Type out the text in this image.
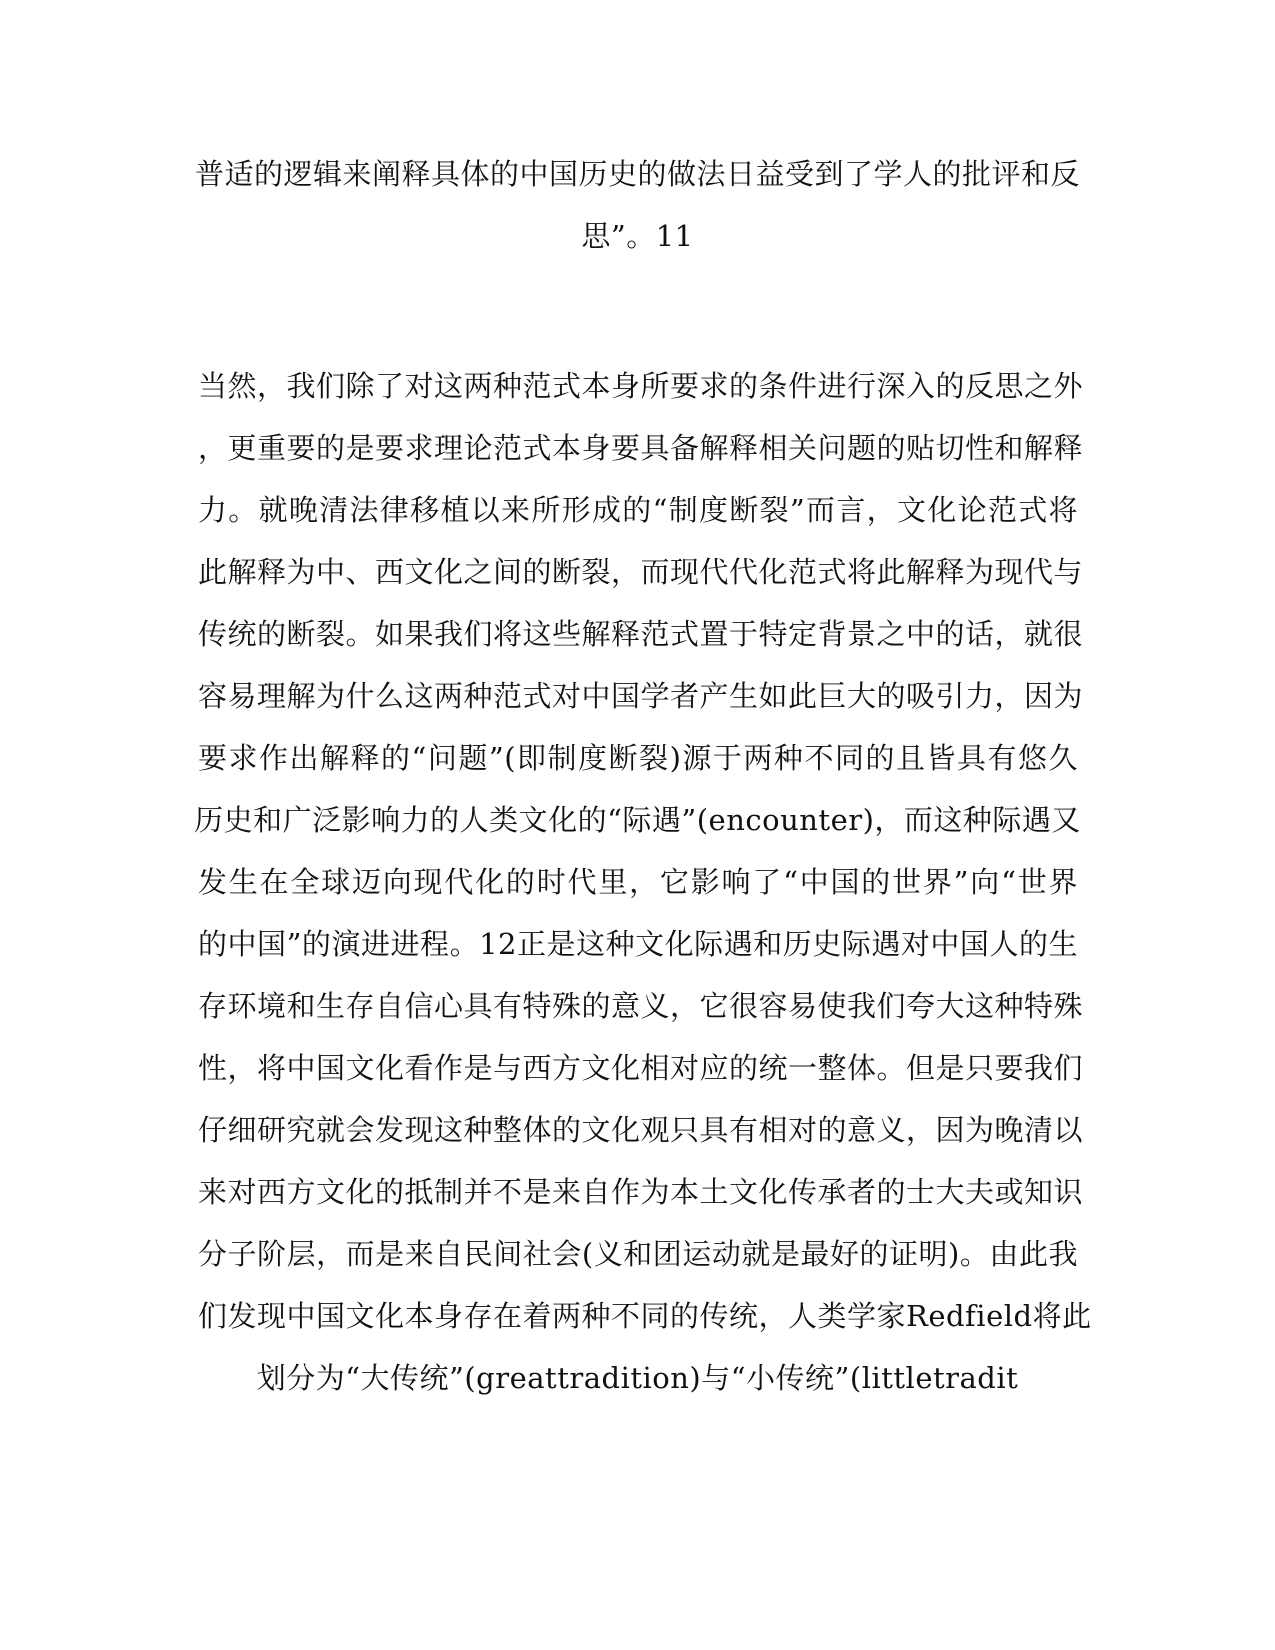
普适的逻辑来阐释具体的中国历史的做法日益受到了学人的批评和反
思”。11
当然，我们除了对这两种范式本身所要求的条件进行深入的反思之外
，更重要的是要求理论范式本身要具备解释相关问题的贴切性和解释
力。就晚清法律移植以来所形成的“制度断裂”而言，文化论范式将
此解释为中、西文化之间的断裂，而现代代化范式将此解释为现代与
传统的断裂。如果我们将这些解释范式置于特定背景之中的话，就很
容易理解为什么这两种范式对中国学者产生如此巨大的吸引力，因为
要求作出解释的“问题”(即制度断裂)源于两种不同的且皆具有悠久
历史和广泛影响力的人类文化的“际遇”(encounter)，而这种际遇又
发生在全球迈向现代化的时代里，它影响了“中国的世界”向“世界
的中国”的演进进程。12正是这种文化际遇和历史际遇对中国人的生
存环境和生存自信心具有特殊的意义，它很容易使我们夸大这种特殊
性，将中国文化看作是与西方文化相对应的统一整体。但是只要我们
仔细研究就会发现这种整体的文化观只具有相对的意义，因为晚清以
来对西方文化的抵制并不是来自作为本土文化传承者的士大夫或知识
分子阶层，而是来自民间社会(义和团运动就是最好的证明)。由此我
们发现中国文化本身存在着两种不同的传统，人类学家Redfield将此
划分为“大传统”(greattradition)与“小传统”(littletradit
